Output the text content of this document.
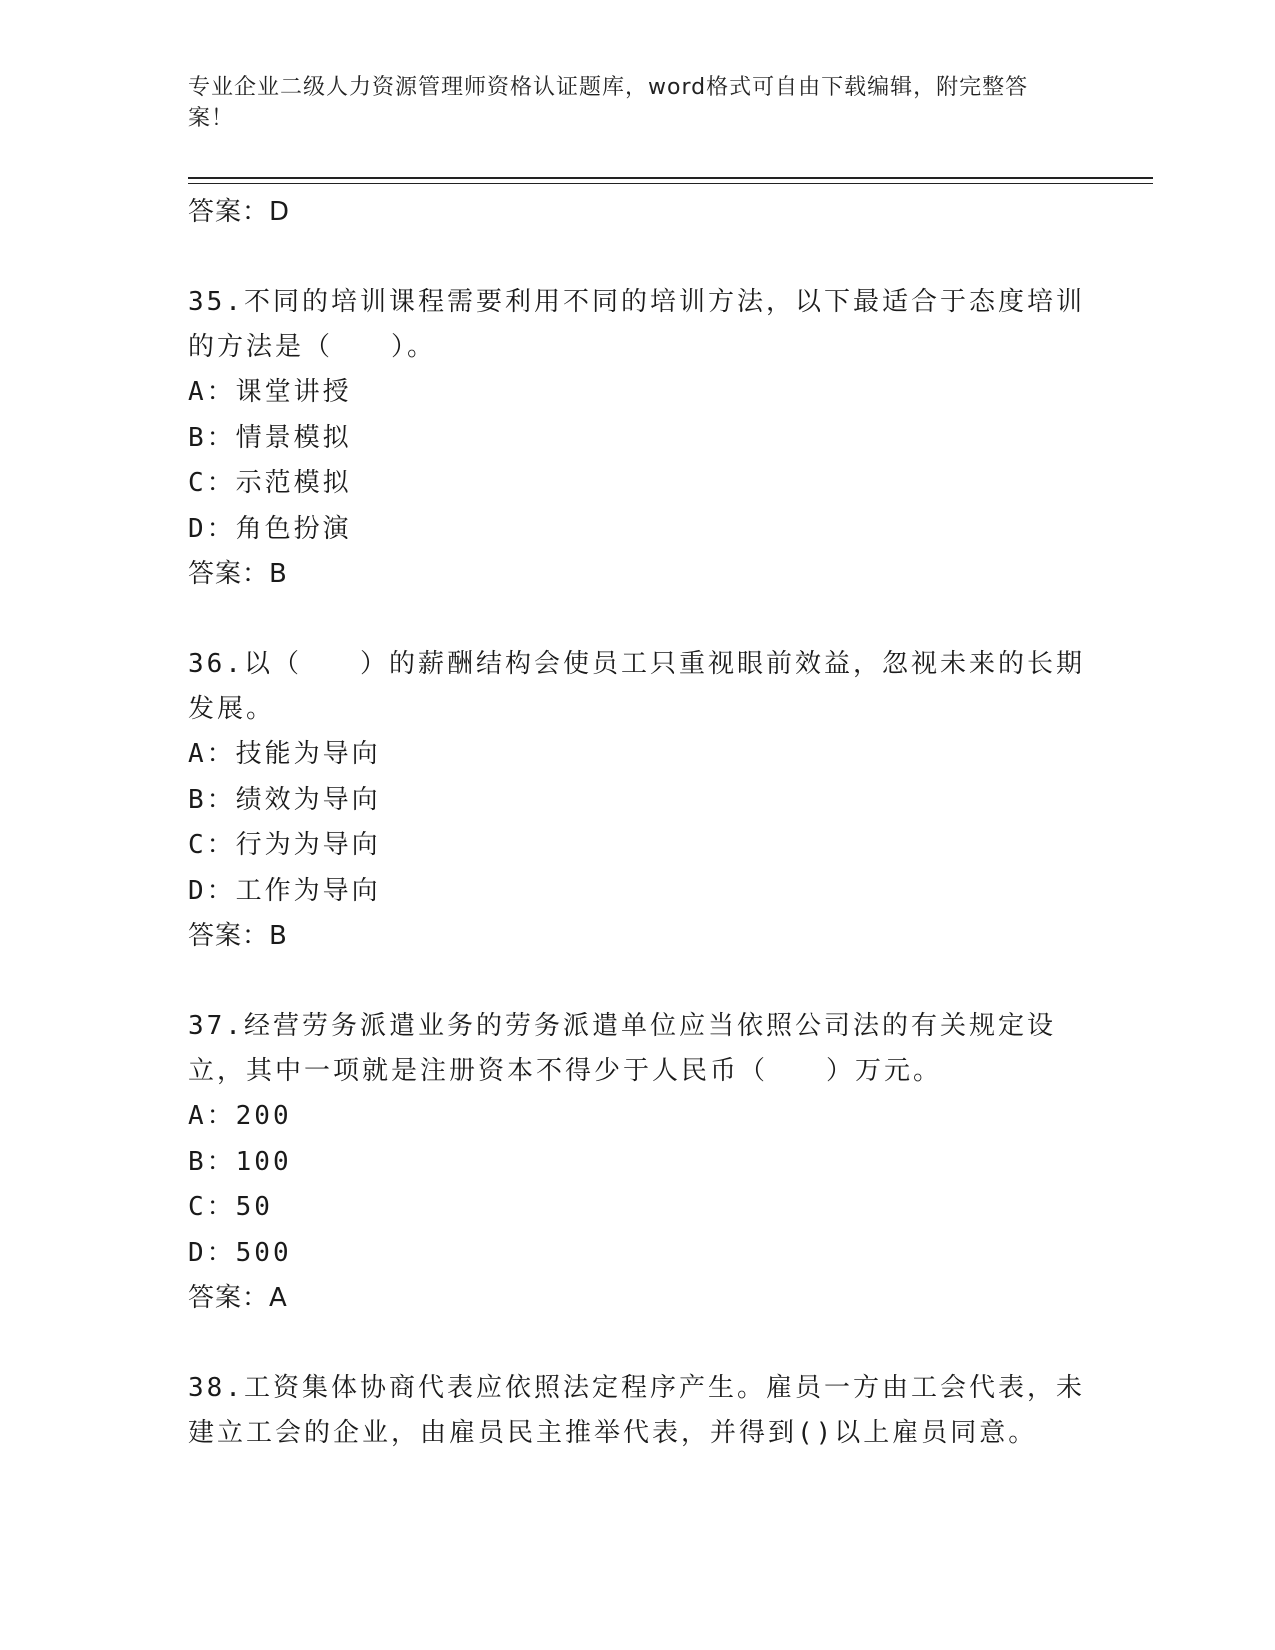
专业企业二级人力资源管理师资格认证题库，word格式可自由下载编辑，附完整答案！
答案：D
35.不同的培训课程需要利用不同的培训方法，以下最适合于态度培训的方法是（　　）。
A：课堂讲授
B：情景模拟
C：示范模拟
D：角色扮演
答案：B
36.以（　　）的薪酬结构会使员工只重视眼前效益，忽视未来的长期发展。
A：技能为导向
B：绩效为导向
C：行为为导向
D：工作为导向
答案：B
37.经营劳务派遣业务的劳务派遣单位应当依照公司法的有关规定设立，其中一项就是注册资本不得少于人民币（　　）万元。
A：200
B：100
C：50
D：500
答案：A
38.工资集体协商代表应依照法定程序产生。雇员一方由工会代表，未建立工会的企业，由雇员民主推举代表，并得到()以上雇员同意。
